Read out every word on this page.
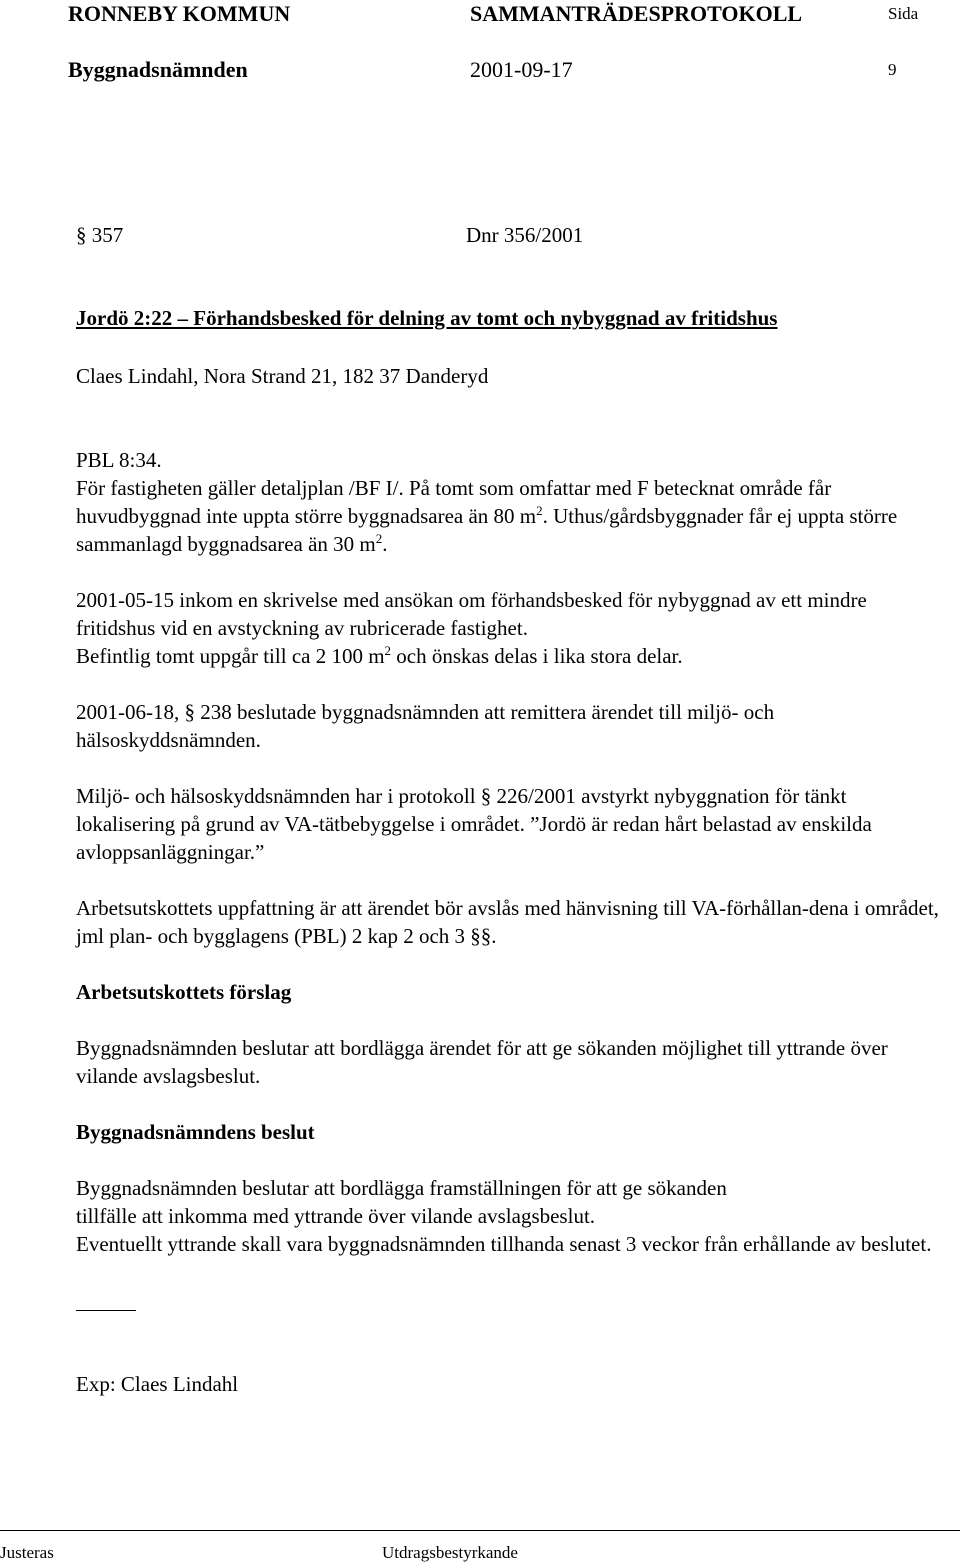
RONNEBY KOMMUN	SAMMANTRÄDESPROTOKOLL	Sida
Byggnadsnämnden	2001-09-17	9
§ 357	Dnr 356/2001
Jordö 2:22 – Förhandsbesked för delning av tomt och nybyggnad av fritidshus
Claes Lindahl, Nora Strand 21, 182 37 Danderyd
PBL 8:34.
För fastigheten gäller detaljplan /BF I/. På tomt som omfattar med F betecknat område får huvudbyggnad inte uppta större byggnadsarea än 80 $m^2$. Uthus/gårdsbyggnader får ej uppta större sammanlagd byggnadsarea än 30 $m^2$.
2001-05-15 inkom en skrivelse med ansökan om förhandsbesked för nybyggnad av ett mindre fritidshus vid en avstyckning av rubricerade fastighet.
Befintlig tomt uppgår till ca 2 100 $m^2$ och önskas delas i lika stora delar.
2001-06-18, § 238 beslutade byggnadsnämnden att remittera ärendet till miljö- och hälsoskyddsnämnden.
Miljö- och hälsoskyddsnämnden har i protokoll § 226/2001 avstyrkt nybyggnation för tänkt lokalisering på grund av VA-tätbebyggelse i området. ”Jordö är redan hårt belastad av enskilda avloppsanläggningar.”
Arbetsutskottets uppfattning är att ärendet bör avslås med hänvisning till VA-förhållan-dena i området, jml plan- och bygglagens (PBL) 2 kap 2 och 3 §§.
Arbetsutskottets förslag
Byggnadsnämnden beslutar att bordlägga ärendet för att ge sökanden möjlighet till yttrande över vilande avslagsbeslut.
Byggnadsnämndens beslut
Byggnadsnämnden beslutar att bordlägga framställningen för att ge sökanden
tillfälle att inkomma med yttrande över vilande avslagsbeslut.
Eventuellt yttrande skall vara byggnadsnämnden tillhanda senast 3 veckor från erhållande av beslutet.
Exp: Claes Lindahl
Justeras	Utdragsbestyrkande
